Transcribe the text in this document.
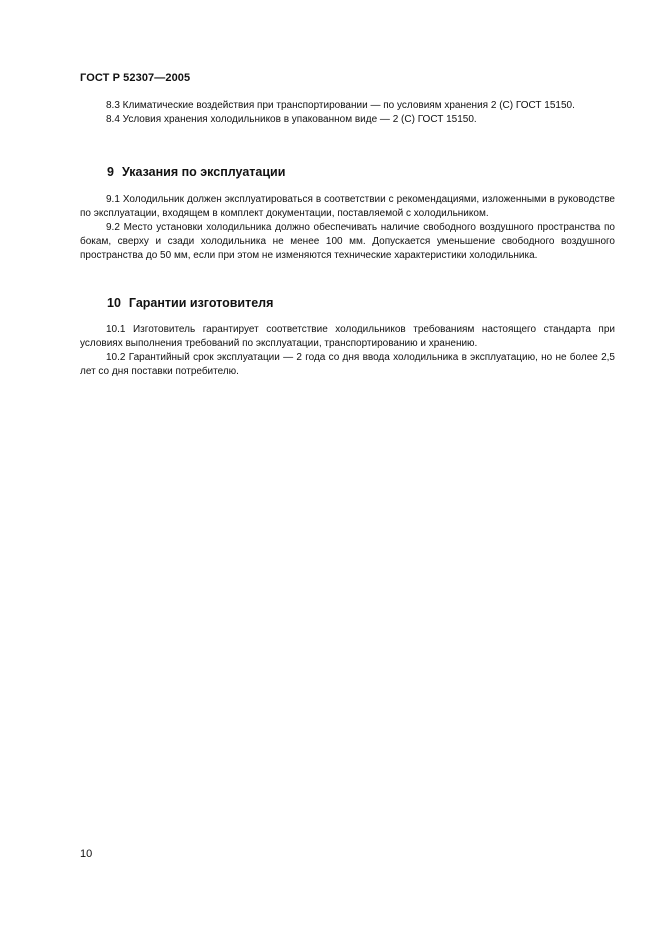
ГОСТ Р 52307—2005

8.3 Климатические воздействия при транспортировании — по условиям хранения 2 (С) ГОСТ 15150.

8.4 Условия хранения холодильников в упакованном виде — 2 (С) ГОСТ 15150.

9 Указания по эксплуатации

9.1 Холодильник должен эксплуатироваться в соответствии с рекомендациями, изложенными в руководстве по эксплуатации, входящем в комплект документации, поставляемой с холодильником.

9.2 Место установки холодильника должно обеспечивать наличие свободного воздушного пространства по бокам, сверху и сзади холодильника не менее 100 мм. Допускается уменьшение свободного воздушного пространства до 50 мм, если при этом не изменяются технические характеристики холодильника.

10 Гарантии изготовителя

10.1 Изготовитель гарантирует соответствие холодильников требованиям настоящего стандарта при условиях выполнения требований по эксплуатации, транспортированию и хранению.

10.2 Гарантийный срок эксплуатации — 2 года со дня ввода холодильника в эксплуатацию, но не более 2,5 лет со дня поставки потребителю.

10
